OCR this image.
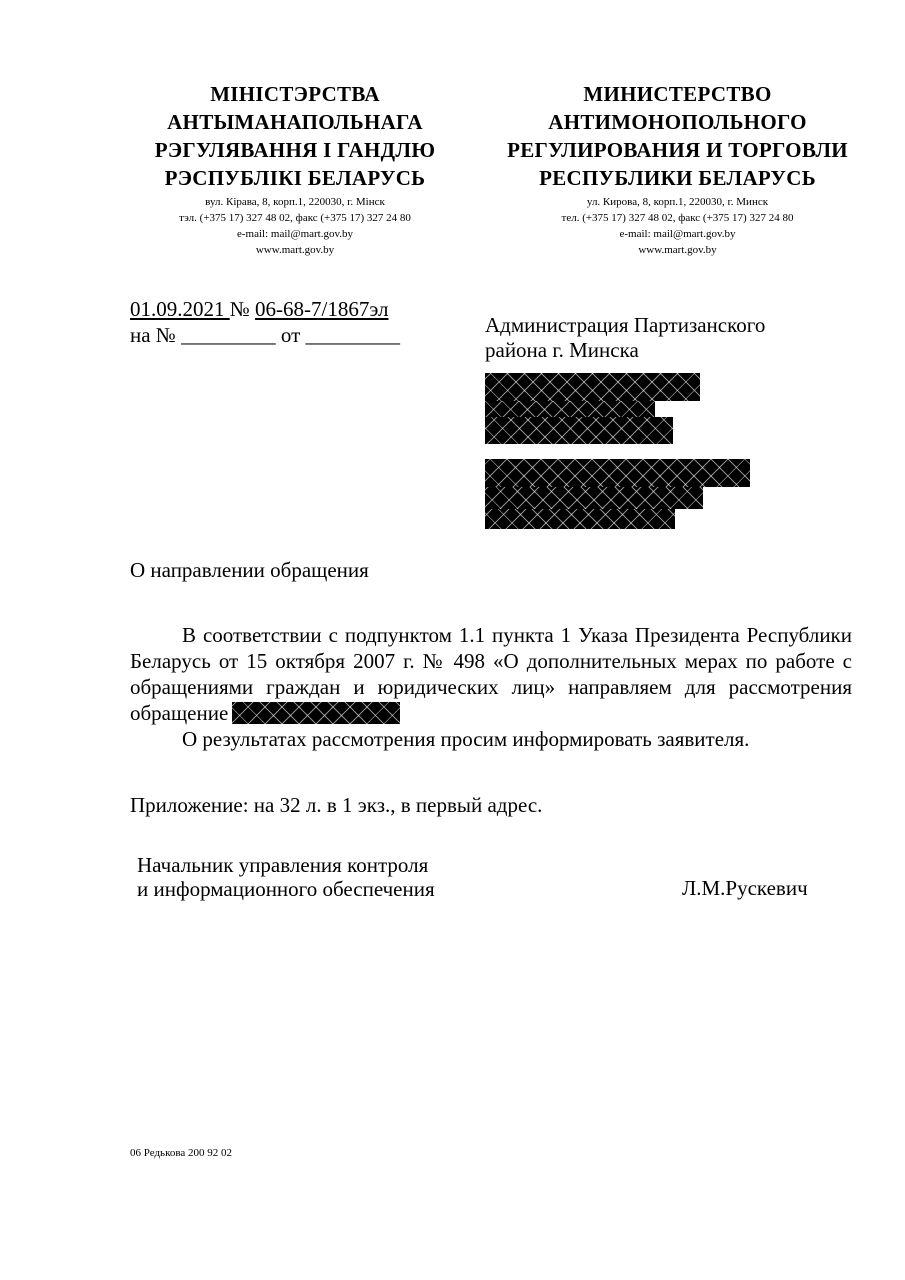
МІНІСТЭРСТВА
АНТЫМАНАПОЛЬНАГА
РЭГУЛЯВАННЯ І ГАНДЛЮ
РЭСПУБЛІКІ БЕЛАРУСЬ
вул. Кірава, 8, корп.1, 220030, г. Мінск
тэл. (+375 17) 327 48 02, факс (+375 17) 327 24 80
e-mail: mail@mart.gov.by
www.mart.gov.by
МИНИСТЕРСТВО
АНТИМОНОПОЛЬНОГО
РЕГУЛИРОВАНИЯ И ТОРГОВЛИ
РЕСПУБЛИКИ БЕЛАРУСЬ
ул. Кирова, 8, корп.1, 220030, г. Минск
тел. (+375 17) 327 48 02, факс (+375 17) 327 24 80
e-mail: mail@mart.gov.by
www.mart.gov.by
01.09.2021 № 06-68-7/1867эл
на № _________ от _________	Администрация Партизанского
района г. Минска
О направлении обращения
В соответствии с подпунктом 1.1 пункта 1 Указа Президента Республики Беларусь от 15 октября 2007 г. № 498 «О дополнительных мерах по работе с обращениями граждан и юридических лиц» направляем для рассмотрения обращение
О результатах рассмотрения просим информировать заявителя.
Приложение: на 32 л. в 1 экз., в первый адрес.
Начальник управления контроля
и информационного обеспечения	Л.М.Рускевич
06 Редькова 200 92 02
